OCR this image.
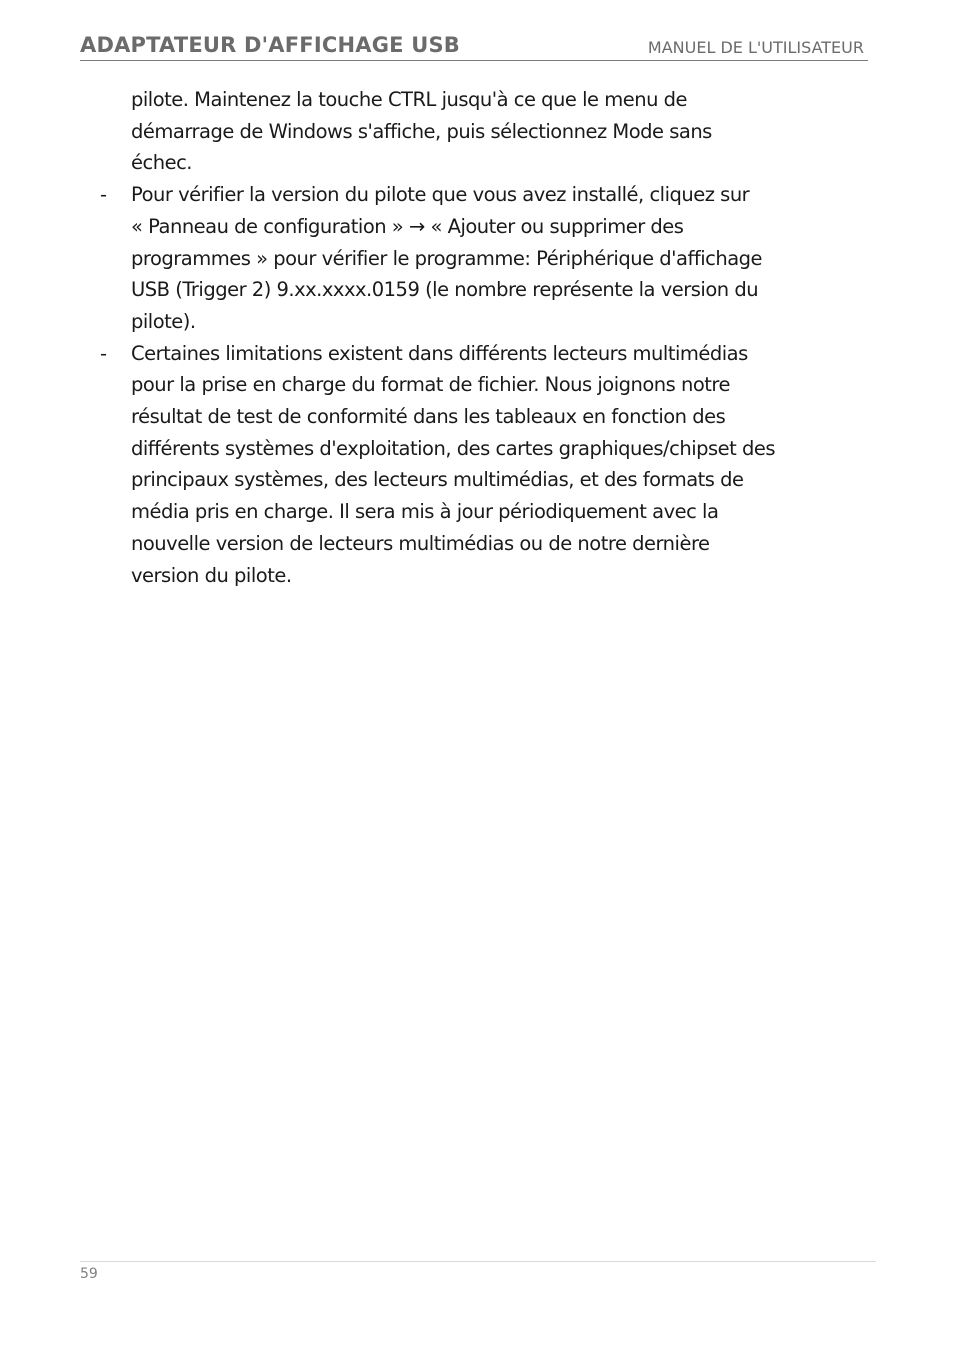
ADAPTATEUR D'AFFICHAGE USB	MANUEL DE L'UTILISATEUR
pilote. Maintenez la touche CTRL jusqu'à ce que le menu de
démarrage de Windows s'affiche, puis sélectionnez Mode sans
échec.
- Pour vérifier la version du pilote que vous avez installé, cliquez sur
« Panneau de configuration » → « Ajouter ou supprimer des
programmes » pour vérifier le programme: Périphérique d'affichage
USB (Trigger 2) 9.xx.xxxx.0159 (le nombre représente la version du
pilote).
- Certaines limitations existent dans différents lecteurs multimédias
pour la prise en charge du format de fichier. Nous joignons notre
résultat de test de conformité dans les tableaux en fonction des
différents systèmes d'exploitation, des cartes graphiques/chipset des
principaux systèmes, des lecteurs multimédias, et des formats de
média pris en charge. Il sera mis à jour périodiquement avec la
nouvelle version de lecteurs multimédias ou de notre dernière
version du pilote.
59
